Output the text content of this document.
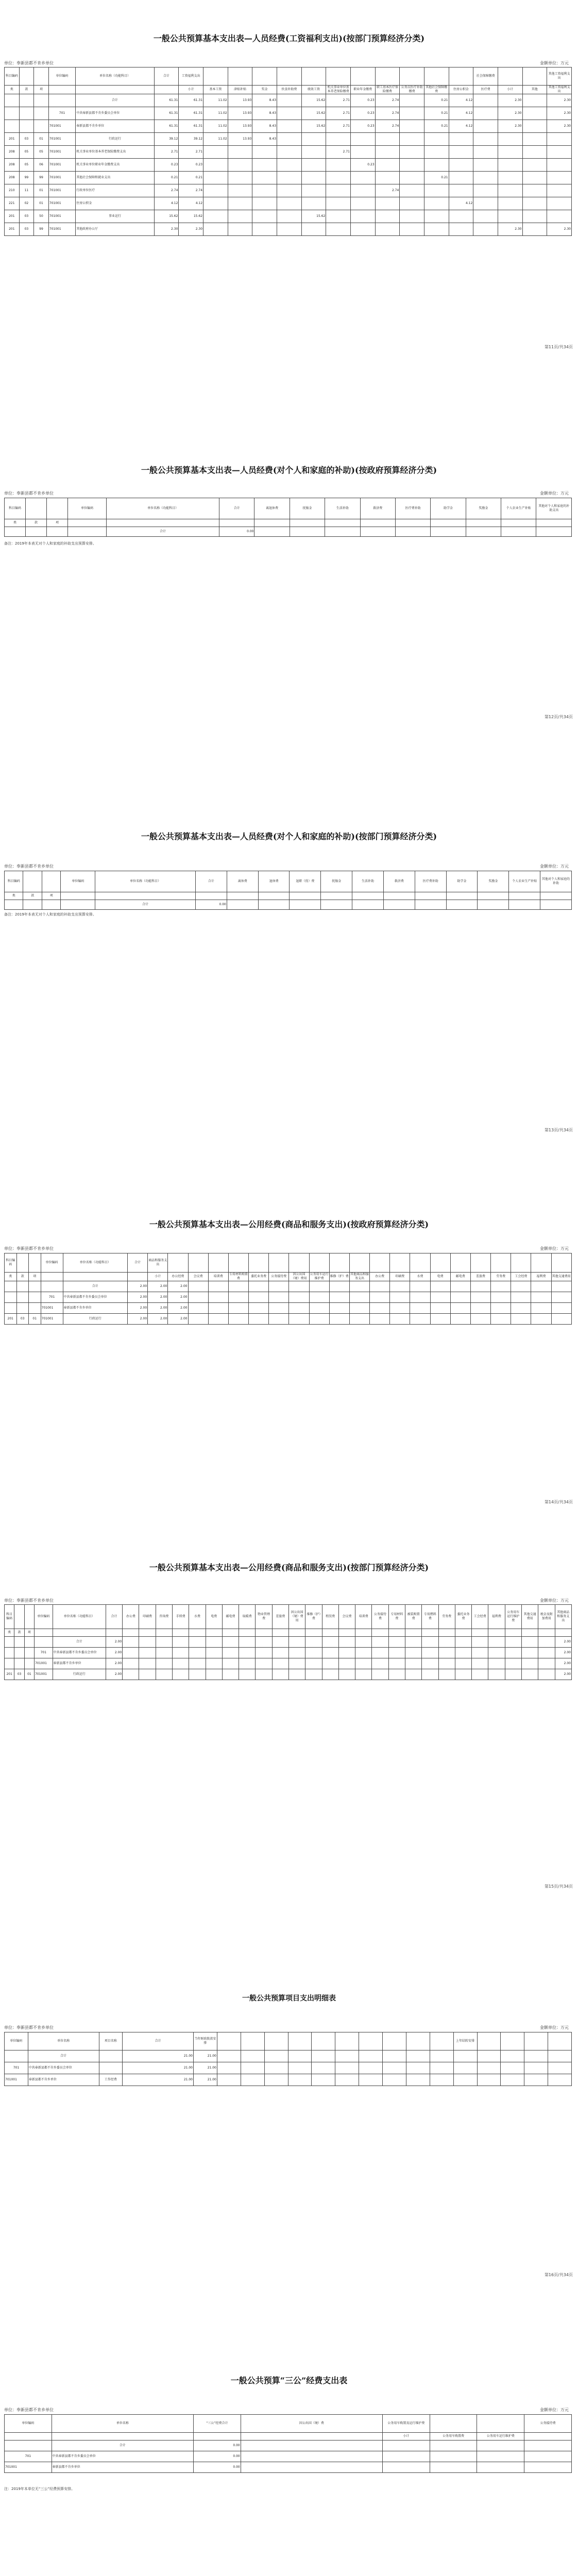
一般公共预算基本支出表—人员经费(工资福利支出)(按部门预算经济分类)
单位：奉新县都不肯乡单位	金额单位：万元
科目编码			单位编码	单位名称（功能科目）	合计	工资福利支出												社会保障缴费			其他工资福利支出
类	款	项				小计	基本工资	津贴补贴	奖金	伙食补助费	绩效工资	机关事业单位基本养老保险缴费	职业年金缴费	职工基本医疗保险缴费	公务员医疗补助缴费	其他社会保障缴费	住房公积金	医疗费	小计	其他	其他工资福利支出
				合计	61.31	61.31	11.02	13.93	8.43		15.62	2.71	0.23	2.74		0.21	4.12		2.30		2.30
			701	中共奉新县都不肯乡委员会单位	61.31	61.31	11.02	13.93	8.43		15.62	2.71	0.23	2.74		0.21	4.12		2.30		2.30
			701001	奉新县都不肯乡单位	61.31	61.31	11.02	13.93	8.43		15.62	2.71	0.23	2.74		0.21	4.12		2.30		2.30
201	03	01	701001	行政运行	39.12	39.12	11.02	13.93	8.43												
208	05	05	701001	机关事业单位基本养老保险缴费支出	2.71	2.71						2.71									
208	05	06	701001	机关事业单位职业年金缴费支出	0.23	0.23							0.23								
208	99	99	701001	其他社会保障和就业支出	0.21	0.21										0.21					
210	11	01	701001	行政单位医疗	2.74	2.74								2.74							
221	02	01	701001	住房公积金	4.12	4.12											4.12				
201	03	50	701001	事业运行	15.62	15.62					15.62										
201	03	99	701001	其他政府办公厅	2.30	2.30													2.30		2.30
第11页/共34页
一般公共预算基本支出表—人员经费(对个人和家庭的补助)(按政府预算经济分类)
单位：奉新县都不肯乡单位	金额单位：万元
科目编码			单位编码	单位名称（功能科目）	合计	离退休费	抚恤金	生活补助	救济费	医疗费补助	助学金	奖励金	个人农业生产补贴	其他对个人和家庭的补助支出
类	款	项												
				合计	0.00									
备注：2019年本表无对个人和家庭的补助支出预算安排。
第12页/共34页
一般公共预算基本支出表—人员经费(对个人和家庭的补助)(按部门预算经济分类)
单位：奉新县都不肯乡单位	金额单位：万元
科目编码			单位编码	单位名称（功能科目）	合计	离休费	退休费	退职（役）费	抚恤金	生活补助	救济费	医疗费补助	助学金	奖励金	个人农业生产补贴	其他对个人和家庭的补助
类	款	项														
				合计	0.00											
备注：2019年本表无对个人和家庭的补助支出预算安排。
第13页/共34页
一般公共预算基本支出表—公用经费(商品和服务支出)(按政府预算经济分类)
单位：奉新县都不肯乡单位	金额单位：万元
科目编码			单位编码	单位名称（功能科目）	合计	商品和服务支出																				
类	款	项				小计	办公经费	会议费	培训费	专用材料购置费	委托业务费	公务接待费	因公出国（境）费用	公务用车运行维护费	维修（护）费	其他商品和服务支出	办公费	印刷费	水费	电费	邮电费	差旅费	劳务费	工会经费	福利费	其他交通费用
				合计	2.00	2.00	2.00																			
			701	中共奉新县都不肯乡委员会单位	2.00	2.00	2.00																			
			701001	奉新县都不肯乡单位	2.00	2.00	2.00																			
201	03	01	701001	行政运行	2.00	2.00	2.00																			
第14页/共34页
一般公共预算基本支出表—公用经费(商品和服务支出)(按部门预算经济分类)
单位：奉新县都不肯乡单位	金额单位：万元
科目编码			单位编码	单位名称（功能科目）	合计	办公费	印刷费	咨询费	手续费	水费	电费	邮电费	取暖费	物业管理费	差旅费	因公出国（境）费用	维修（护）费	租赁费	会议费	培训费	公务接待费	专用材料费	被装购置费	专用燃料费	劳务费	委托业务费	工会经费	福利费	公务用车运行维护费	其他交通费用	税金及附加费用	其他商品和服务支出
类	款	项																														
				合计	2.00																											2.00
			701	中共奉新县都不肯乡委员会单位	2.00																											2.00
			701001	奉新县都不肯乡单位	2.00																											2.00
201	03	01	701001	行政运行	2.00																											2.00
第15页/共34页
一般公共预算项目支出明细表
单位：奉新县都不肯乡单位	金额单位：万元
单位编码	单位名称	项目名称	合计	当年财政拨款安排											上年结转安排				
	合计		21.00	21.00															
701	中共奉新县都不肯乡委员会单位		21.00	21.00															
701001	奉新县都不肯乡单位	工作经费	21.00	21.00															
第16页/共34页
一般公共预算“三公”经费支出表
单位：奉新县都不肯乡单位	金额单位：万元
单位编码	单位名称	“三公”经费合计	因公出国（境）费	公务用车购置及运行维护费			公务接待费
				小计	公务用车购置费	公务用车运行维护费	
	合计	0.00					
701	中共奉新县都不肯乡委员会单位	0.00					
701001	奉新县都不肯乡单位	0.00					
注：2019年本单位无“三公”经费预算安排。
